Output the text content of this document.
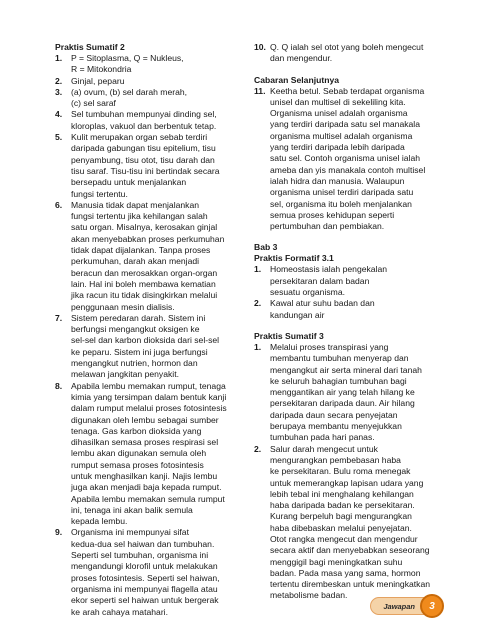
Praktis Sumatif 2

1. P = Sitoplasma, Q = Nukleus,

R = Mitokondria

2. Ginjal, peparu

3. (a) ovum, (b) sel darah merah,

(c) sel saraf

4. Sel tumbuhan mempunyai dinding sel,

kloroplas, vakuol dan berbentuk tetap.

5. Kulit merupakan organ sebab terdiri

daripada gabungan tisu epitelium, tisu

penyambung, tisu otot, tisu darah dan

tisu saraf. Tisu-tisu ini bertindak secara

bersepadu untuk menjalankan

fungsi tertentu.

6. Manusia tidak dapat menjalankan

fungsi tertentu jika kehilangan salah

satu organ. Misalnya, kerosakan ginjal

akan menyebabkan proses perkumuhan

tidak dapat dijalankan. Tanpa proses

perkumuhan, darah akan menjadi

beracun dan merosakkan organ-organ

lain. Hal ini boleh membawa kematian

jika racun itu tidak disingkirkan melalui

penggunaan mesin dialisis.

7. Sistem peredaran darah. Sistem ini

berfungsi mengangkut oksigen ke

sel-sel dan karbon dioksida dari sel-sel

ke peparu. Sistem ini juga berfungsi

mengangkut nutrien, hormon dan

melawan jangkitan penyakit.

8. Apabila lembu memakan rumput, tenaga

kimia yang tersimpan dalam bentuk kanji

dalam rumput melalui proses fotosintesis

digunakan oleh lembu sebagai sumber

tenaga. Gas karbon dioksida yang

dihasilkan semasa proses respirasi sel

lembu akan digunakan semula oleh

rumput semasa proses fotosintesis

untuk menghasilkan kanji. Najis lembu

juga akan menjadi baja kepada rumput.

Apabila lembu memakan semula rumput

ini, tenaga ini akan balik semula

kepada lembu.

9. Organisma ini mempunyai sifat

kedua-dua sel haiwan dan tumbuhan.

Seperti sel tumbuhan, organisma ini

mengandungi klorofil untuk melakukan

proses fotosintesis. Seperti sel haiwan,

organisma ini mempunyai flagella atau

ekor seperti sel haiwan untuk bergerak

ke arah cahaya matahari.

10. Q. Q ialah sel otot yang boleh mengecut

dan mengendur.

Cabaran Selanjutnya

11. Keetha betul. Sebab terdapat organisma

unisel dan multisel di sekeliling kita.

Organisma unisel adalah organisma

yang terdiri daripada satu sel manakala

organisma multisel adalah organisma

yang terdiri daripada lebih daripada

satu sel. Contoh organisma unisel ialah

ameba dan yis manakala contoh multisel

ialah hidra dan manusia. Walaupun

organisma unisel terdiri daripada satu

sel, organisma itu boleh menjalankan

semua proses kehidupan seperti

pertumbuhan dan pembiakan.

Bab 3

Praktis Formatif 3.1

1. Homeostasis ialah pengekalan

persekitaran dalam badan

sesuatu organisma.

2. Kawal atur suhu badan dan

kandungan air

Praktis Sumatif 3

1. Melalui proses transpirasi yang

membantu tumbuhan menyerap dan

mengangkut air serta mineral dari tanah

ke seluruh bahagian tumbuhan bagi

menggantikan air yang telah hilang ke

persekitaran daripada daun. Air hilang

daripada daun secara penyejatan

berupaya membantu menyejukkan

tumbuhan pada hari panas.

2. Salur darah mengecut untuk

mengurangkan pembebasan haba

ke persekitaran. Bulu roma menegak

untuk memerangkap lapisan udara yang

lebih tebal ini menghalang kehilangan

haba daripada badan ke persekitaran.

Kurang berpeluh bagi mengurangkan

haba dibebaskan melalui penyejatan.

Otot rangka mengecut dan mengendur

secara aktif dan menyebabkan seseorang

menggigil bagi meningkatkan suhu

badan. Pada masa yang sama, hormon

tertentu dirembeskan untuk meningkatkan

metabolisme badan.

Jawapan	3
